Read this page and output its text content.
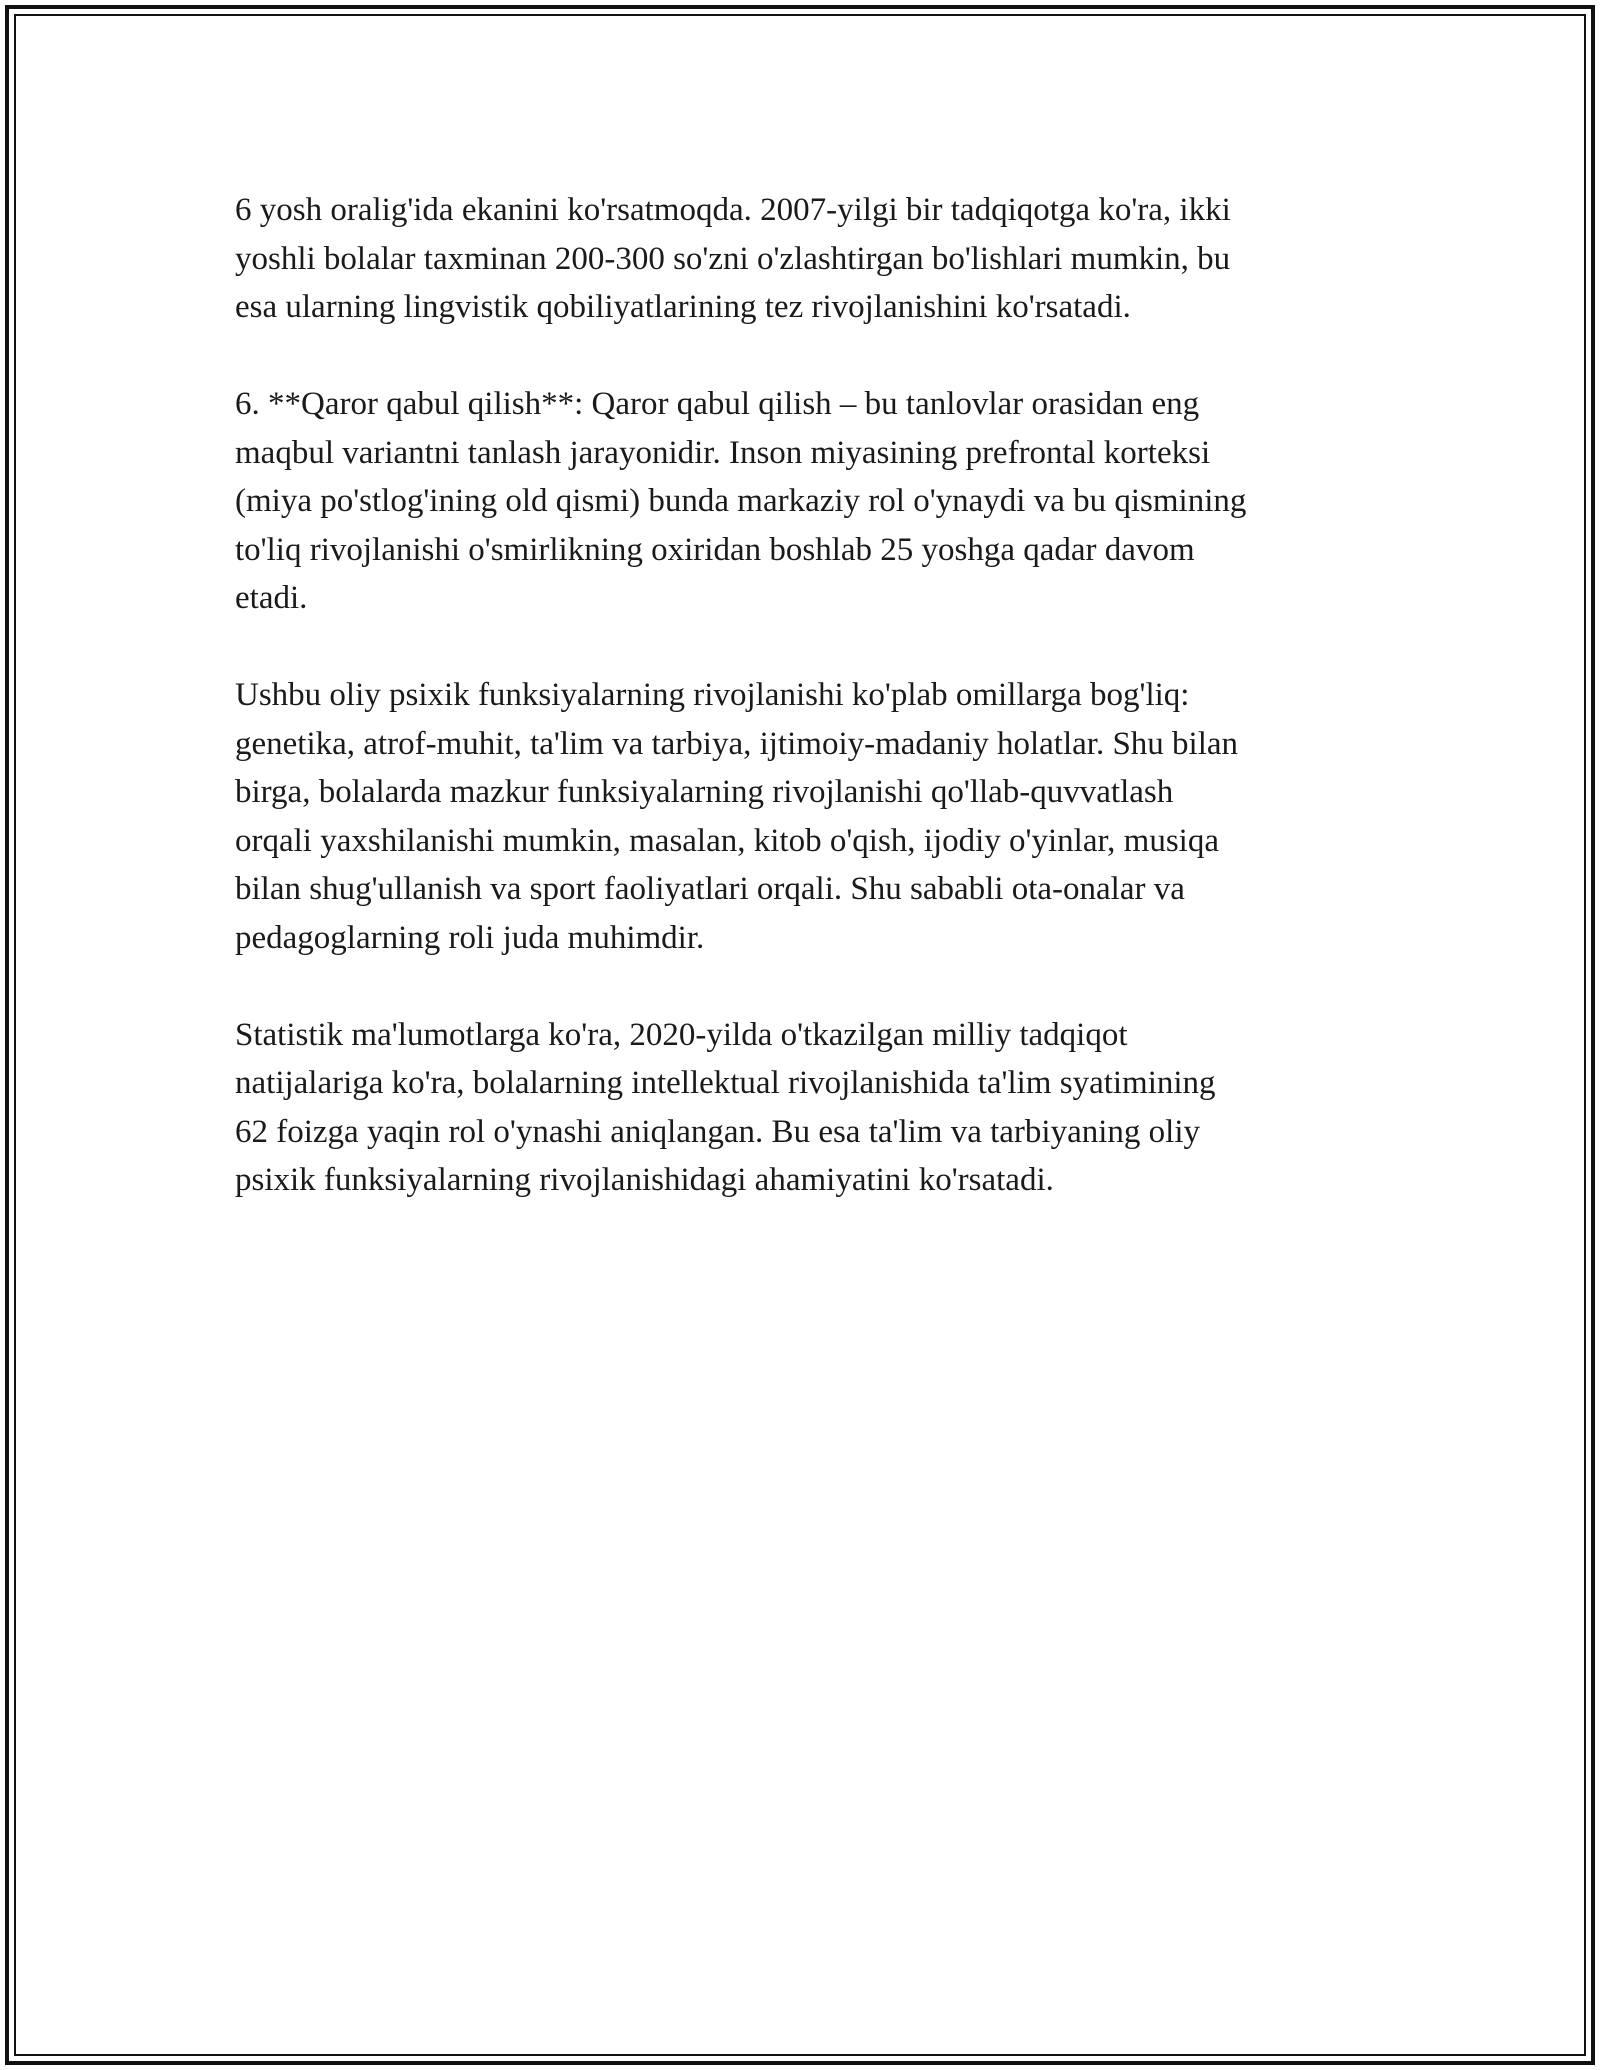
6 yosh oralig'ida ekanini ko'rsatmoqda. 2007-yilgi bir tadqiqotga ko'ra, ikki
yoshli bolalar taxminan 200-300 so'zni o'zlashtirgan bo'lishlari mumkin, bu
esa ularning lingvistik qobiliyatlarining tez rivojlanishini ko'rsatadi.

6. **Qaror qabul qilish**: Qaror qabul qilish – bu tanlovlar orasidan eng
maqbul variantni tanlash jarayonidir. Inson miyasining prefrontal korteksi
(miya po'stlog'ining old qismi) bunda markaziy rol o'ynaydi va bu qismining
to'liq rivojlanishi o'smirlikning oxiridan boshlab 25 yoshga qadar davom
etadi.

Ushbu oliy psixik funksiyalarning rivojlanishi ko'plab omillarga bog'liq:
genetika, atrof-muhit, ta'lim va tarbiya, ijtimoiy-madaniy holatlar. Shu bilan
birga, bolalarda mazkur funksiyalarning rivojlanishi qo'llab-quvvatlash
orqali yaxshilanishi mumkin, masalan, kitob o'qish, ijodiy o'yinlar, musiqa
bilan shug'ullanish va sport faoliyatlari orqali. Shu sababli ota-onalar va
pedagoglarning roli juda muhimdir.

Statistik ma'lumotlarga ko'ra, 2020-yilda o'tkazilgan milliy tadqiqot
natijalariga ko'ra, bolalarning intellektual rivojlanishida ta'lim syatimining
62 foizga yaqin rol o'ynashi aniqlangan. Bu esa ta'lim va tarbiyaning oliy
psixik funksiyalarning rivojlanishidagi ahamiyatini ko'rsatadi.
